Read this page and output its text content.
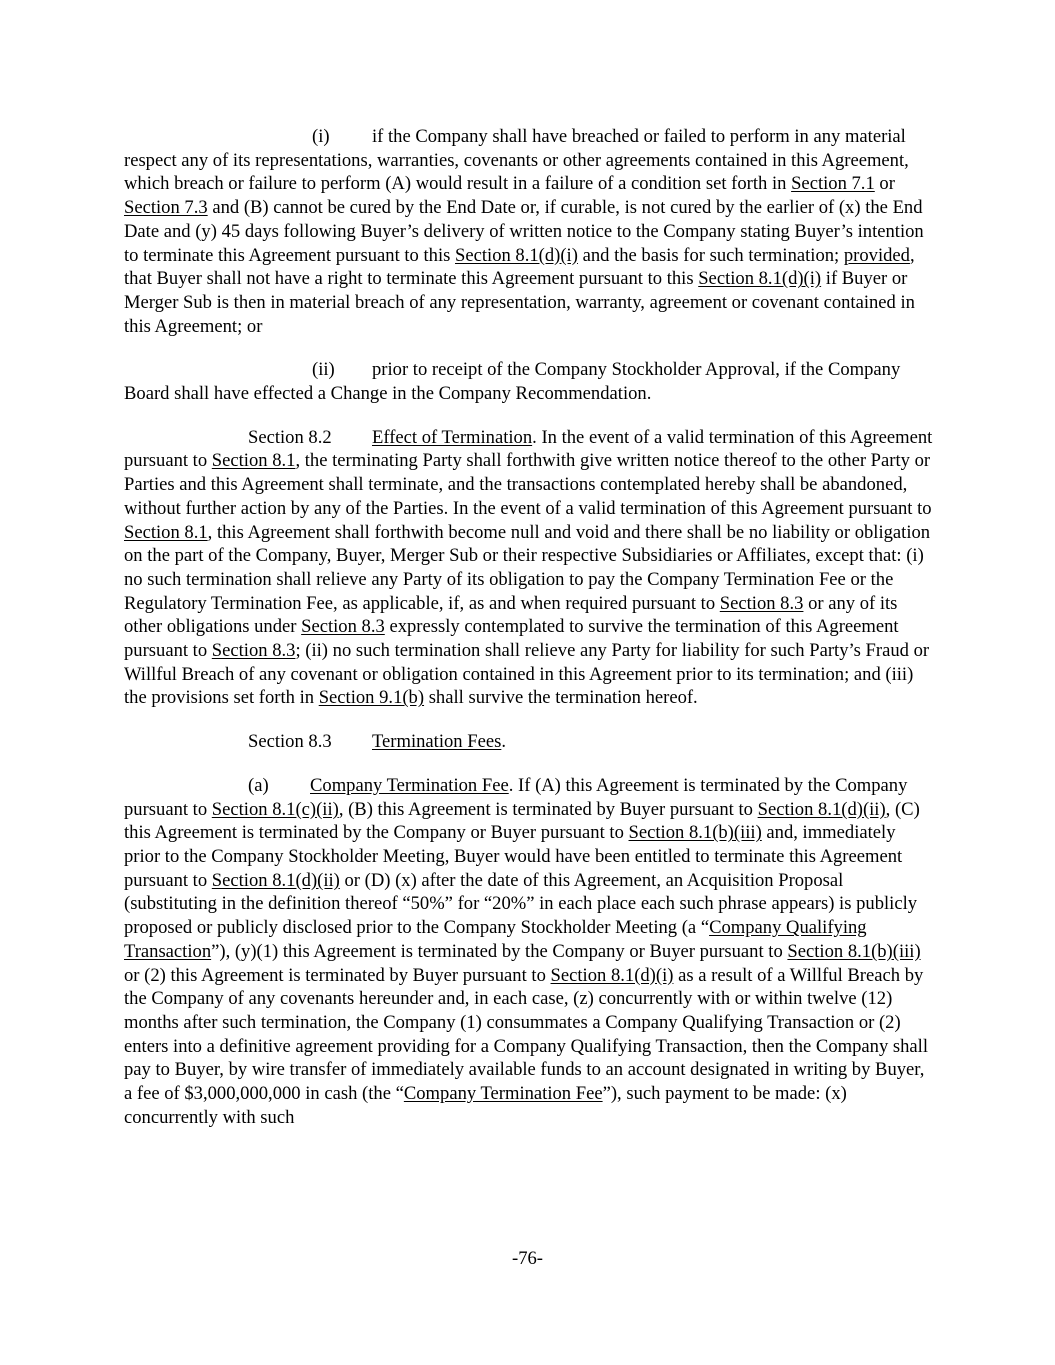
(i) if the Company shall have breached or failed to perform in any material respect any of its representations, warranties, covenants or other agreements contained in this Agreement, which breach or failure to perform (A) would result in a failure of a condition set forth in Section 7.1 or Section 7.3 and (B) cannot be cured by the End Date or, if curable, is not cured by the earlier of (x) the End Date and (y) 45 days following Buyer’s delivery of written notice to the Company stating Buyer’s intention to terminate this Agreement pursuant to this Section 8.1(d)(i) and the basis for such termination; provided, that Buyer shall not have a right to terminate this Agreement pursuant to this Section 8.1(d)(i) if Buyer or Merger Sub is then in material breach of any representation, warranty, agreement or covenant contained in this Agreement; or

(ii) prior to receipt of the Company Stockholder Approval, if the Company Board shall have effected a Change in the Company Recommendation.

Section 8.2 Effect of Termination. In the event of a valid termination of this Agreement pursuant to Section 8.1, the terminating Party shall forthwith give written notice thereof to the other Party or Parties and this Agreement shall terminate, and the transactions contemplated hereby shall be abandoned, without further action by any of the Parties. In the event of a valid termination of this Agreement pursuant to Section 8.1, this Agreement shall forthwith become null and void and there shall be no liability or obligation on the part of the Company, Buyer, Merger Sub or their respective Subsidiaries or Affiliates, except that: (i) no such termination shall relieve any Party of its obligation to pay the Company Termination Fee or the Regulatory Termination Fee, as applicable, if, as and when required pursuant to Section 8.3 or any of its other obligations under Section 8.3 expressly contemplated to survive the termination of this Agreement pursuant to Section 8.3; (ii) no such termination shall relieve any Party for liability for such Party’s Fraud or Willful Breach of any covenant or obligation contained in this Agreement prior to its termination; and (iii) the provisions set forth in Section 9.1(b) shall survive the termination hereof.

Section 8.3 Termination Fees.

(a) Company Termination Fee. If (A) this Agreement is terminated by the Company pursuant to Section 8.1(c)(ii), (B) this Agreement is terminated by Buyer pursuant to Section 8.1(d)(ii), (C) this Agreement is terminated by the Company or Buyer pursuant to Section 8.1(b)(iii) and, immediately prior to the Company Stockholder Meeting, Buyer would have been entitled to terminate this Agreement pursuant to Section 8.1(d)(ii) or (D) (x) after the date of this Agreement, an Acquisition Proposal (substituting in the definition thereof “50%” for “20%” in each place each such phrase appears) is publicly proposed or publicly disclosed prior to the Company Stockholder Meeting (a “Company Qualifying Transaction”), (y)(1) this Agreement is terminated by the Company or Buyer pursuant to Section 8.1(b)(iii) or (2) this Agreement is terminated by Buyer pursuant to Section 8.1(d)(i) as a result of a Willful Breach by the Company of any covenants hereunder and, in each case, (z) concurrently with or within twelve (12) months after such termination, the Company (1) consummates a Company Qualifying Transaction or (2) enters into a definitive agreement providing for a Company Qualifying Transaction, then the Company shall pay to Buyer, by wire transfer of immediately available funds to an account designated in writing by Buyer, a fee of $3,000,000,000 in cash (the “Company Termination Fee”), such payment to be made: (x) concurrently with such

-76-
